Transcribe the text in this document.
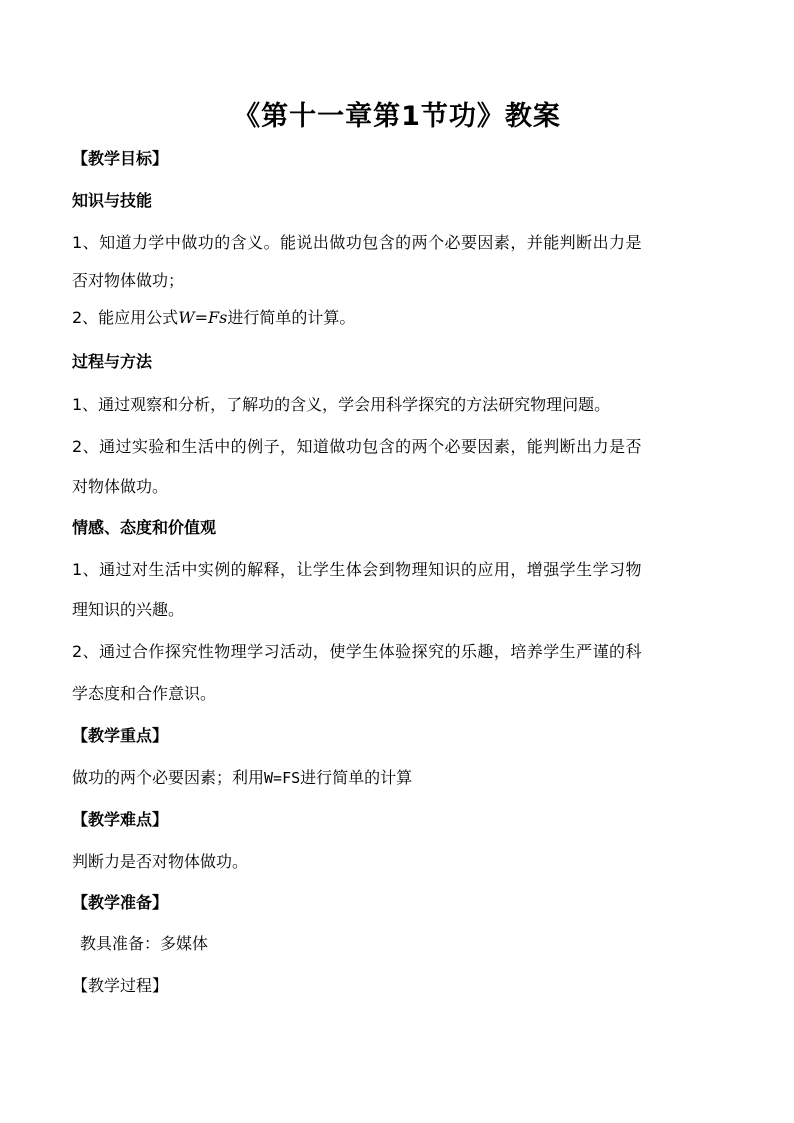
《第十一章第1节功》教案
【教学目标】
知识与技能
1、知道力学中做功的含义。能说出做功包含的两个必要因素，并能判断出力是
否对物体做功；
2、能应用公式W=Fs进行简单的计算。
过程与方法
1、通过观察和分析，了解功的含义，学会用科学探究的方法研究物理问题。
2、通过实验和生活中的例子，知道做功包含的两个必要因素，能判断出力是否
对物体做功。
情感、态度和价值观
1、通过对生活中实例的解释，让学生体会到物理知识的应用，增强学生学习物
理知识的兴趣。
2、通过合作探究性物理学习活动，使学生体验探究的乐趣，培养学生严谨的科
学态度和合作意识。
【教学重点】
做功的两个必要因素；利用W=FS进行简单的计算
【教学难点】
判断力是否对物体做功。
【教学准备】
教具准备：多媒体
【教学过程】
